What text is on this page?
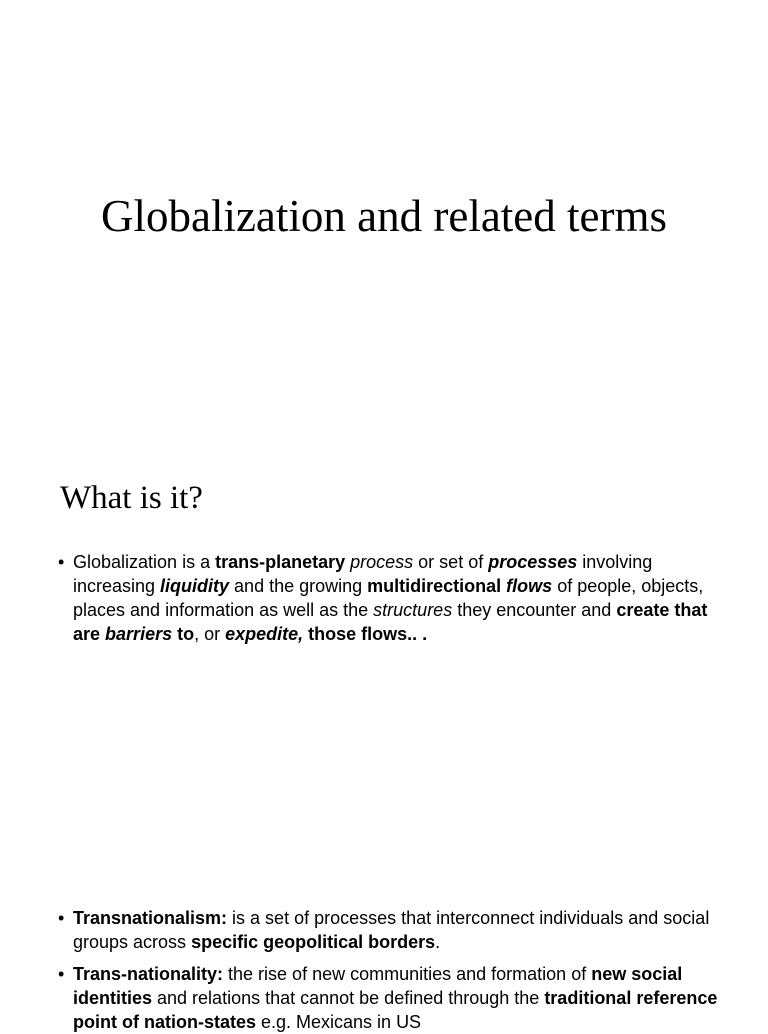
Globalization and related terms
What is it?
• Globalization is a trans-planetary process or set of processes involving increasing liquidity and the growing multidirectional flows of people, objects, places and information as well as the structures they encounter and create that are barriers to, or expedite, those flows.. .
• Transnationalism: is a set of processes that interconnect individuals and social groups across specific geopolitical borders.
• Trans-nationality: the rise of new communities and formation of new social identities and relations that cannot be defined through the traditional reference point of nation-states e.g. Mexicans in US
